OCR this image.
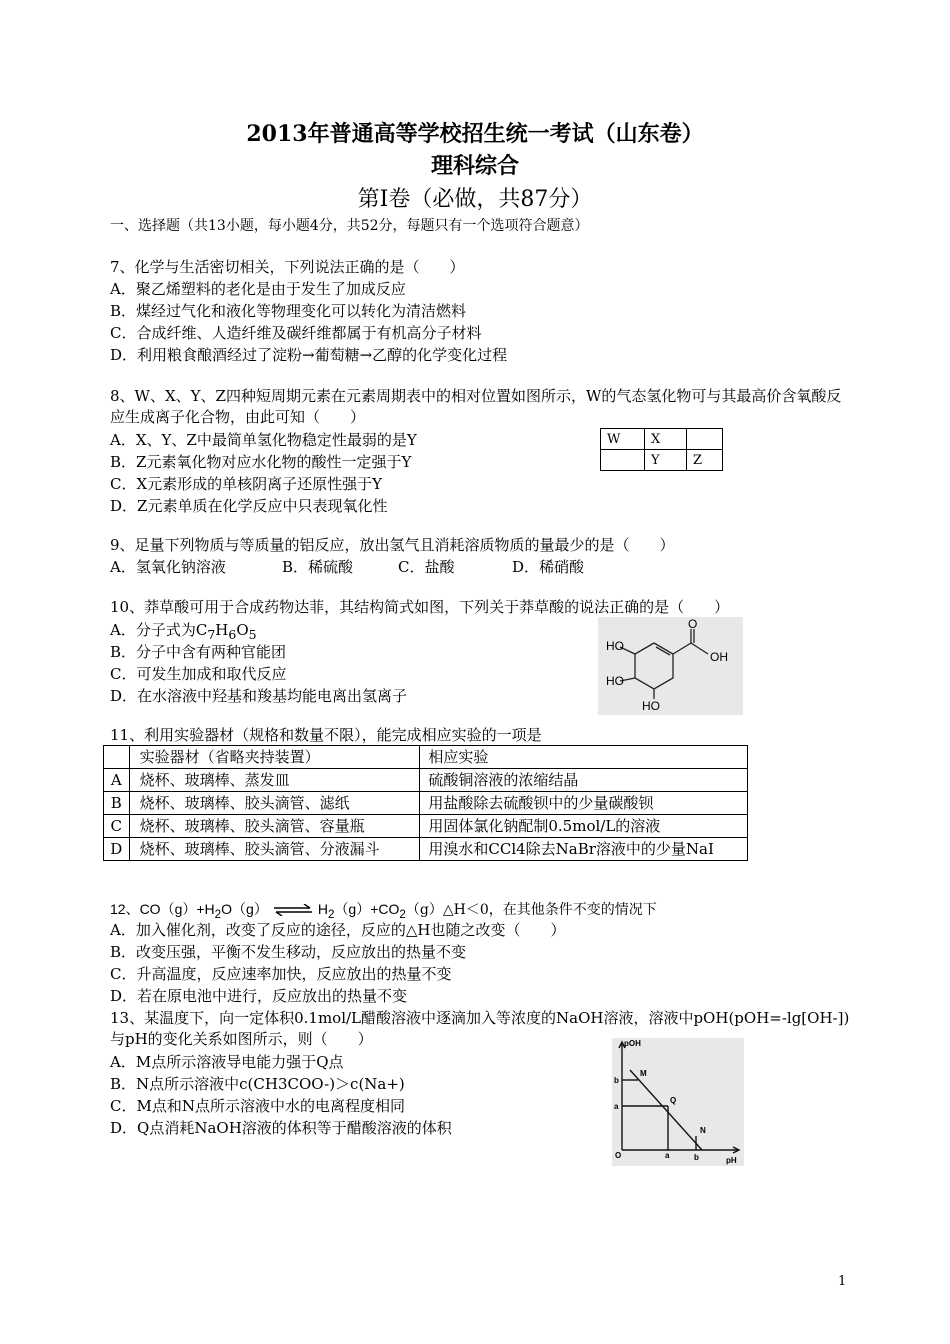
2013年普通高等学校招生统一考试（山东卷）
理科综合
第I卷（必做，共87分）
一、选择题（共13小题，每小题4分，共52分，每题只有一个选项符合题意）
7、化学与生活密切相关，下列说法正确的是（　　）
A．聚乙烯塑料的老化是由于发生了加成反应
B．煤经过气化和液化等物理变化可以转化为清洁燃料
C．合成纤维、人造纤维及碳纤维都属于有机高分子材料
D．利用粮食酿酒经过了淀粉→葡萄糖→乙醇的化学变化过程
8、W、X、Y、Z四种短周期元素在元素周期表中的相对位置如图所示，W的气态氢化物可与其最高价含氧酸反应生成离子化合物，由此可知（　　）
A．X、Y、Z中最简单氢化物稳定性最弱的是Y
B．Z元素氧化物对应水化物的酸性一定强于Y
C．X元素形成的单核阴离子还原性强于Y
D．Z元素单质在化学反应中只表现氧化性
W	X	
	Y	Z
9、足量下列物质与等质量的铝反应，放出氢气且消耗溶质物质的量最少的是（　　）
A．氢氧化钠溶液	B．稀硫酸	C．盐酸	D．稀硝酸
10、莽草酸可用于合成药物达菲，其结构简式如图，下列关于莽草酸的说法正确的是（　　）
A．分子式为$C_7H_6O_5$
B．分子中含有两种官能团
C．可发生加成和取代反应
D．在水溶液中羟基和羧基均能电离出氢离子
HO
OH
HO
HO
O
11、利用实验器材（规格和数量不限），能完成相应实验的一项是
	实验器材（省略夹持装置）	相应实验
A	烧杯、玻璃棒、蒸发皿	硫酸铜溶液的浓缩结晶
B	烧杯、玻璃棒、胶头滴管、滤纸	用盐酸除去硫酸钡中的少量碳酸钡
C	烧杯、玻璃棒、胶头滴管、容量瓶	用固体氯化钠配制0.5mol/L的溶液
D	烧杯、玻璃棒、胶头滴管、分液漏斗	用溴水和CCl4除去NaBr溶液中的少量NaI
12、$CO(g)+H_2O(g)$ ⇌ $H_2(g)+CO_2(g)\triangle H<0$，在其他条件不变的情况下
A．加入催化剂，改变了反应的途径，反应的△H也随之改变（　　）
B．改变压强，平衡不发生移动，反应放出的热量不变
C．升高温度，反应速率加快，反应放出的热量不变
D．若在原电池中进行，反应放出的热量不变
13、某温度下，向一定体积0.1mol/L醋酸溶液中逐滴加入等浓度的NaOH溶液，溶液中pOH(pOH=-lg[OH-])与pH的变化关系如图所示，则（　　）
A．M点所示溶液导电能力强于Q点
B．N点所示溶液中c(CH3COO-)＞c(Na+)
C．M点和N点所示溶液中水的电离程度相同
D．Q点消耗NaOH溶液的体积等于醋酸溶液的体积
pOH
pH
O
b
a
a	b
M
Q
N
1
